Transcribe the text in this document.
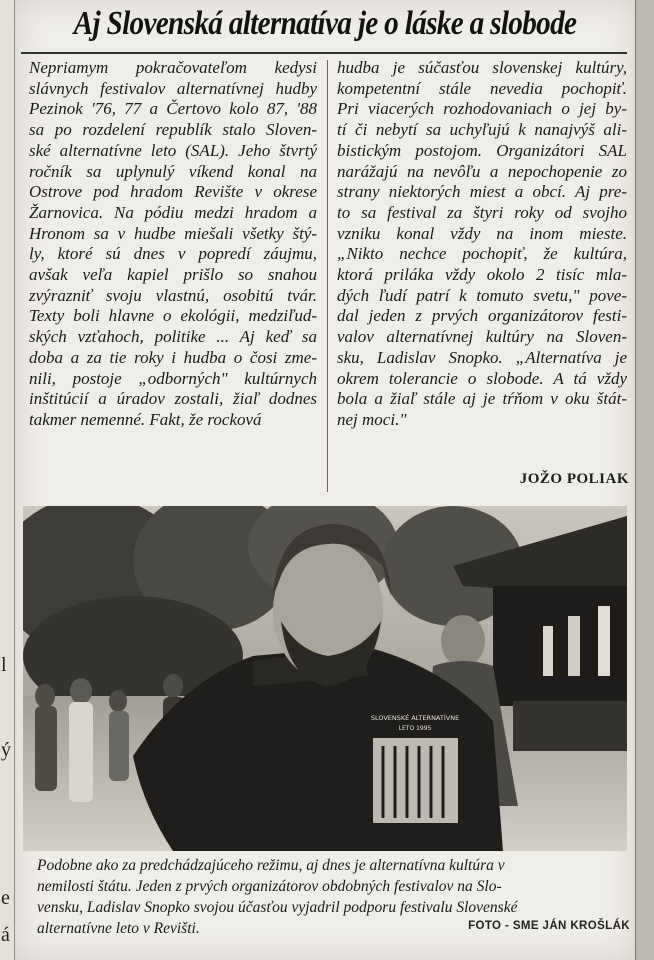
l
ý
e
á
Aj Slovenská alternatíva je o láske a slobode
Nepriamym pokračovateľom kedysi
slávnych festivalov alternatívnej hudby
Pezinok '76, 77 a Čertovo kolo 87, '88
sa po rozdelení republík stalo Sloven-
ské alternatívne leto (SAL). Jeho štvrtý
ročník sa uplynulý víkend konal na
Ostrove pod hradom Revište v okrese
Žarnovica. Na pódiu medzi hradom a
Hronom sa v hudbe miešali všetky štý-
ly, ktoré sú dnes v popredí záujmu,
avšak veľa kapiel prišlo so snahou
zvýrazniť svoju vlastnú, osobitú tvár.
Texty boli hlavne o ekológii, medziľud-
ských vzťahoch, politike ... Aj keď sa
doba a za tie roky i hudba o čosi zme-
nili, postoje „odborných" kultúrnych
inštitúcií a úradov zostali, žiaľ dodnes
takmer nemenné. Fakt, že rocková
hudba je súčasťou slovenskej kultúry,
kompetentní stále nevedia pochopiť.
Pri viacerých rozhodovaniach o jej by-
tí či nebytí sa uchyľujú k nanajvýš ali-
bistickým postojom. Organizátori SAL
narážajú na nevôľu a nepochopenie zo
strany niektorých miest a obcí. Aj pre-
to sa festival za štyri roky od svojho
vzniku konal vždy na inom mieste.
„Nikto nechce pochopiť, že kultúra,
ktorá priláka vždy okolo 2 tisíc mla-
dých ľudí patrí k tomuto svetu," pove-
dal jeden z prvých organizátorov festi-
valov alternatívnej kultúry na Sloven-
sku, Ladislav Snopko. „Alternatíva je
okrem tolerancie o slobode. A tá vždy
bola a žiaľ stále aj je tŕňom v oku štát-
nej moci."
JOŽO POLIAK
SLOVENSKÉ ALTERNATÍVNE
LETO 1995
Podobne ako za predchádzajúceho režimu, aj dnes je alternatívna kultúra v
nemilosti štátu. Jeden z prvých organizátorov obdobných festivalov na Slo-
vensku, Ladislav Snopko svojou účasťou vyjadril podporu festivalu Slovenské
alternatívne leto v Revišti.	FOTO - SME JÁN KROŠLÁK
